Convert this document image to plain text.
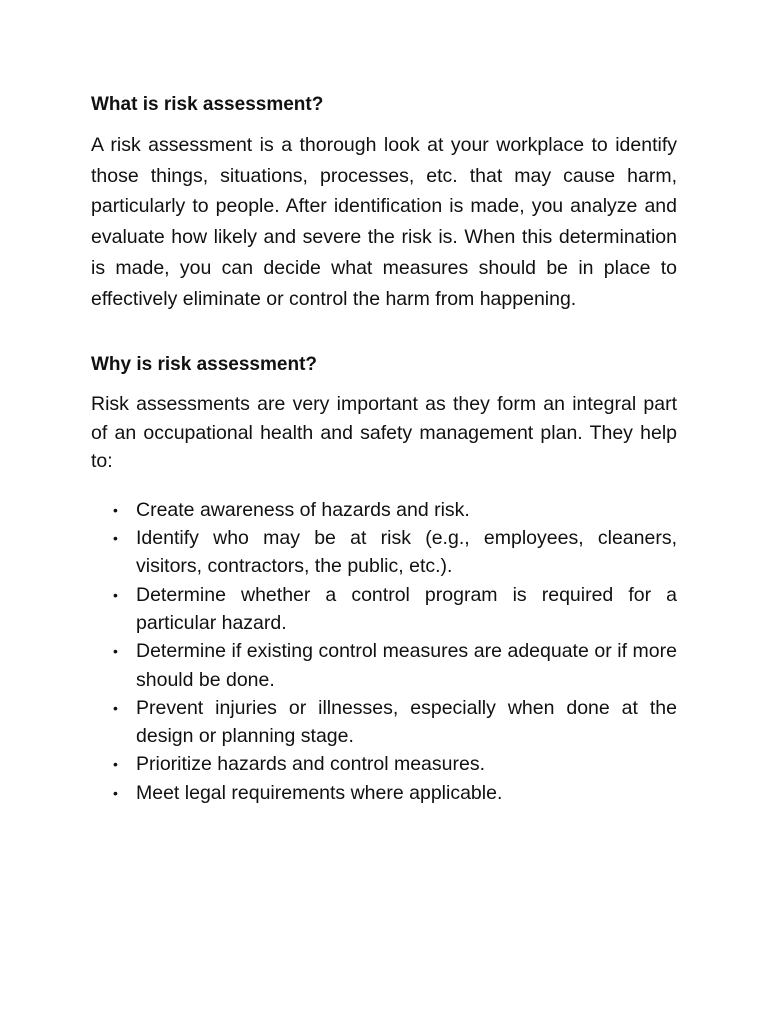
What is risk assessment?

A risk assessment is a thorough look at your workplace to identify those things, situations, processes, etc. that may cause harm, particularly to people. After identification is made, you analyze and evaluate how likely and severe the risk is. When this determination is made, you can decide what measures should be in place to effectively eliminate or control the harm from happening.

Why is risk assessment?

Risk assessments are very important as they form an integral part of an occupational health and safety management plan. They help to:

• Create awareness of hazards and risk.
• Identify who may be at risk (e.g., employees, cleaners, visitors, contractors, the public, etc.).
• Determine whether a control program is required for a particular hazard.
• Determine if existing control measures are adequate or if more should be done.
• Prevent injuries or illnesses, especially when done at the design or planning stage.
• Prioritize hazards and control measures.
• Meet legal requirements where applicable.
